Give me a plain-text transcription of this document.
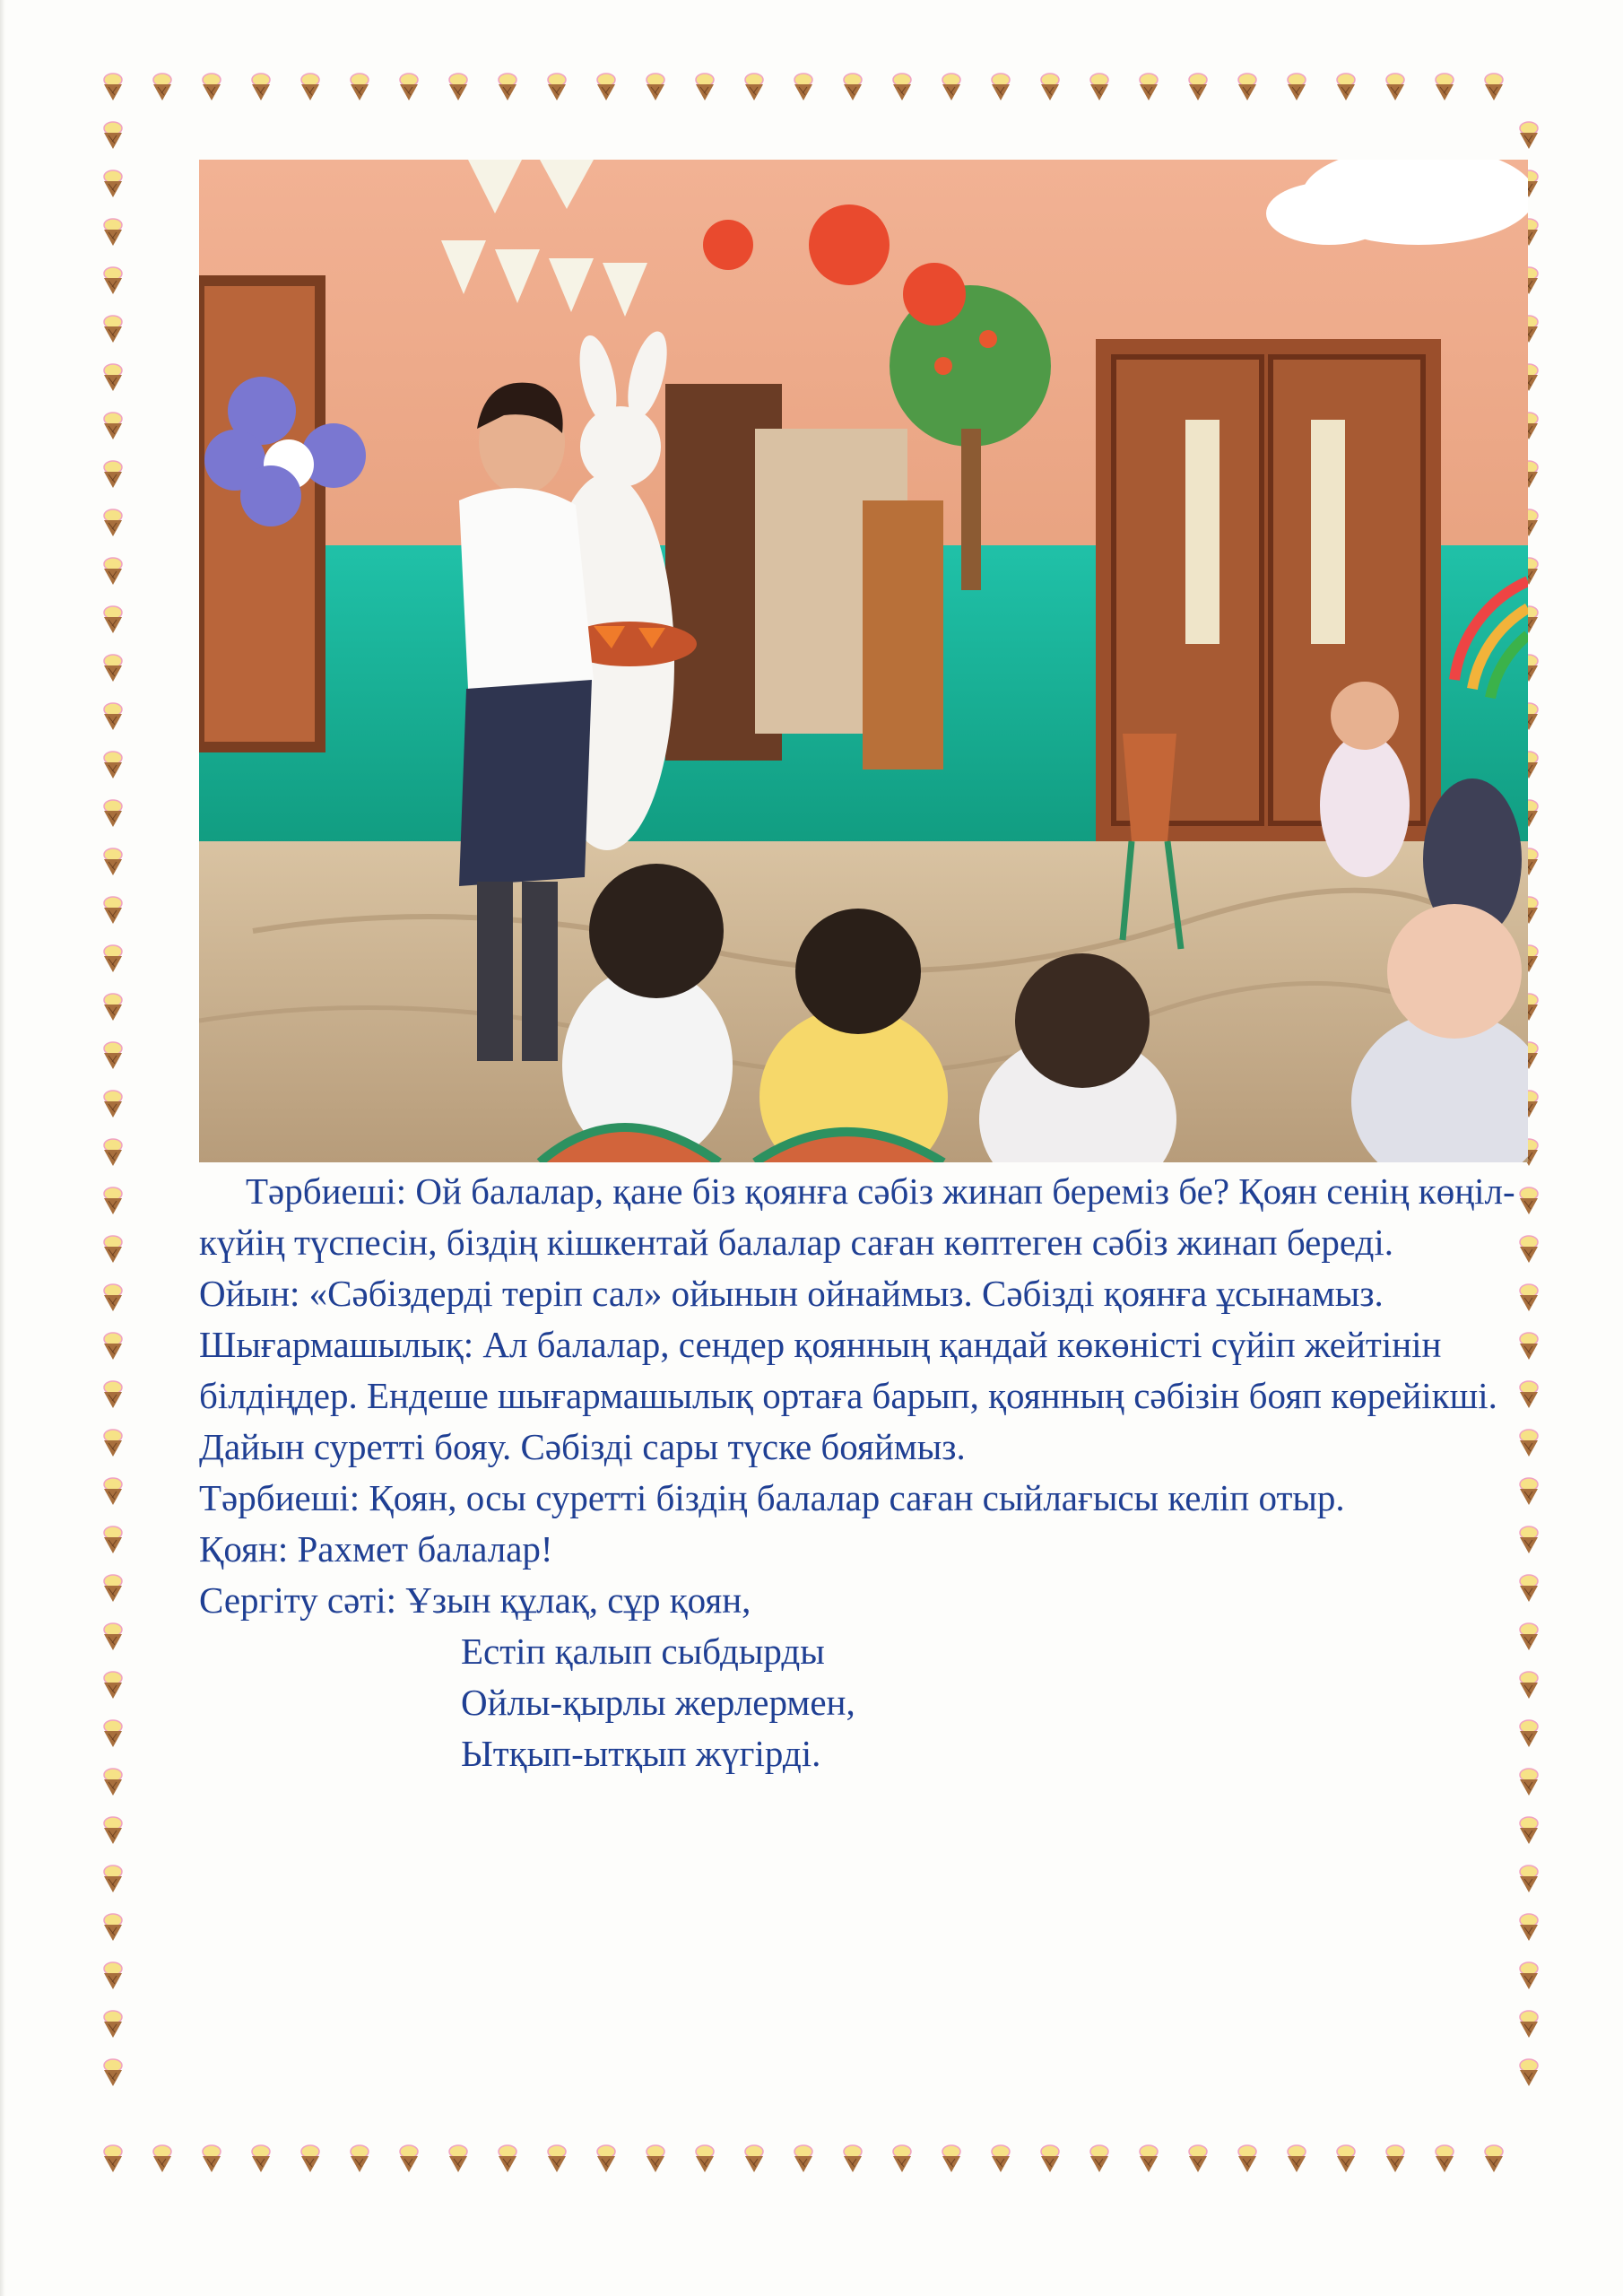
Тәрбиеші: Ой балалар, қане біз қоянға сәбіз жинап береміз бе? Қоян сенің көңіл-күйің түспесін, біздің кішкентай балалар саған көптеген сәбіз жинап береді.

Ойын: «Сәбіздерді теріп сал» ойынын ойнаймыз. Сәбізді қоянға ұсынамыз.

Шығармашылық: Ал балалар, сендер қоянның қандай көкөністі сүйіп жейтінін білдіңдер. Ендеше шығармашылық ортаға барып, қоянның сәбізін бояп көрейікші. Дайын суретті бояу. Сәбізді сары түске бояймыз.

Тәрбиеші: Қоян, осы суретті біздің балалар саған сыйлағысы келіп отыр.

Қоян: Рахмет балалар!

Сергіту сәті: Ұзын құлақ, сұр қоян,
Естіп қалып сыбдырды
Ойлы-қырлы жерлермен,
Ытқып-ытқып жүгірді.
